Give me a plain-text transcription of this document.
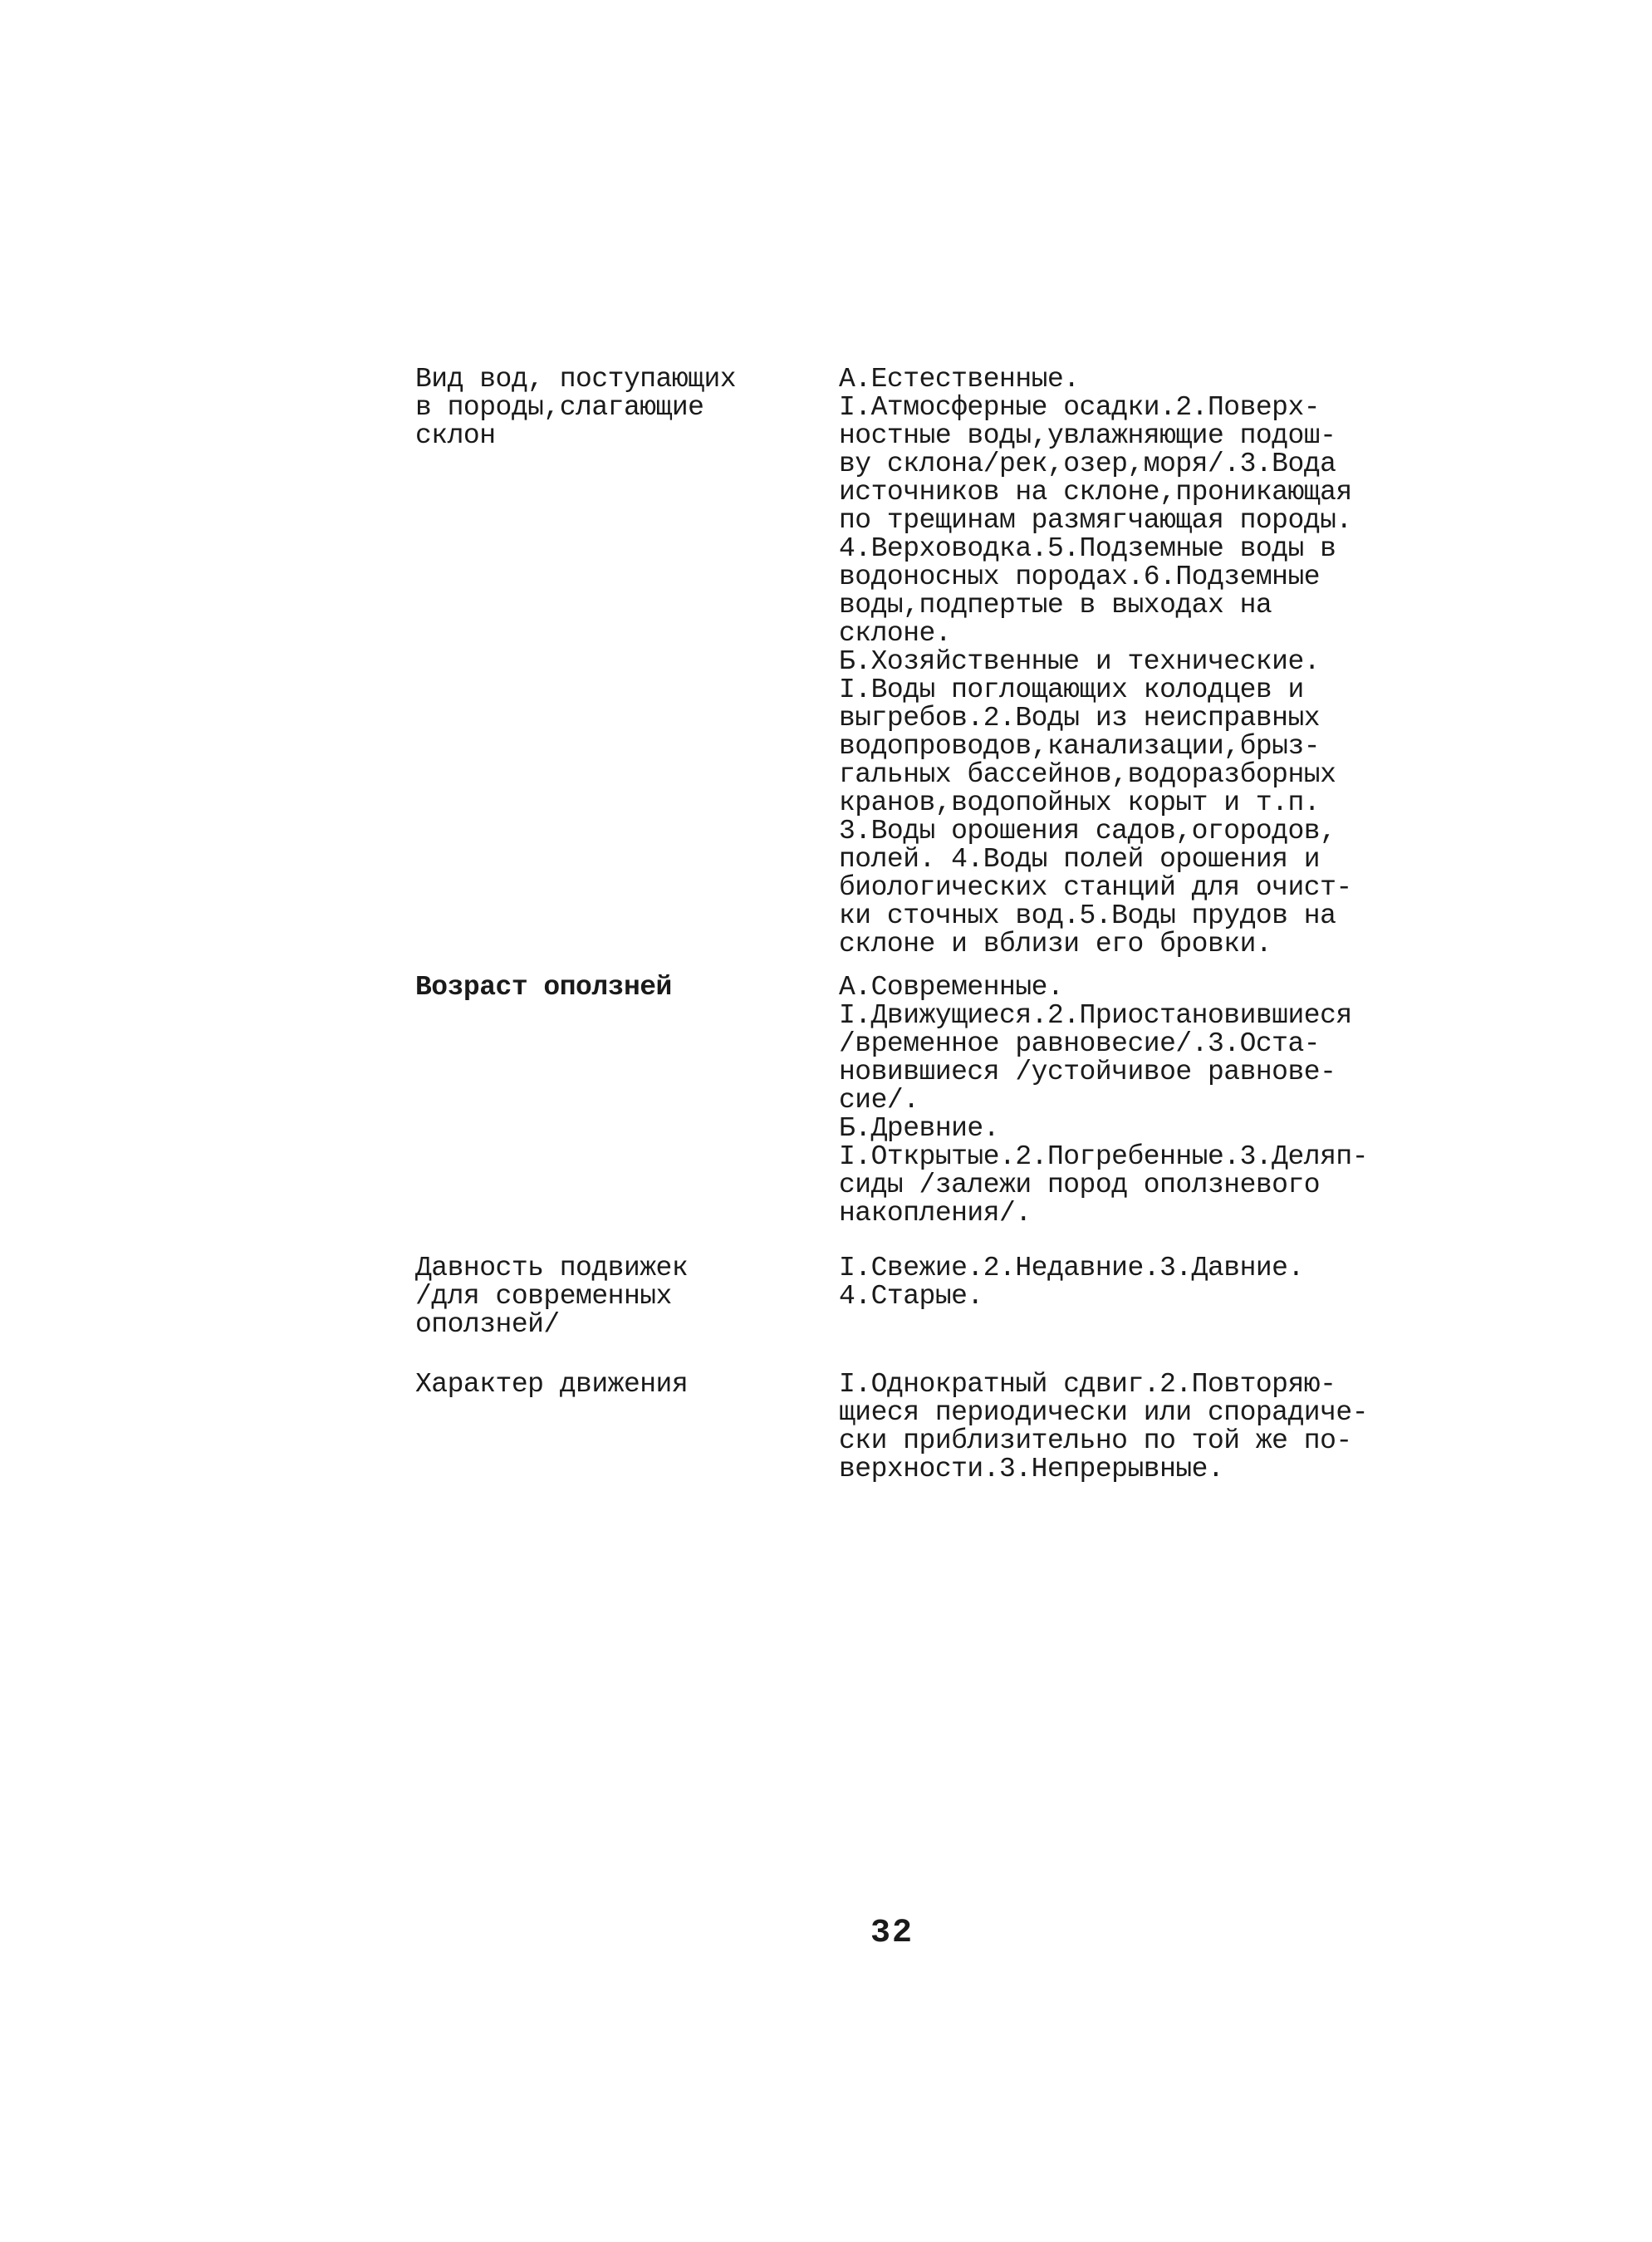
Вид вод, поступающих
в породы,слагающие
склон
А.Естественные.
I.Атмосферные осадки.2.Поверх-
ностные воды,увлажняющие подош-
ву склона/рек,озер,моря/.3.Вода
источников на склоне,проникающая
по трещинам размягчающая породы.
4.Верховодка.5.Подземные воды в
водоносных породах.6.Подземные
воды,подпертые в выходах на
склоне.
Б.Хозяйственные и технические.
I.Воды поглощающих колодцев и
выгребов.2.Воды из неисправных
водопроводов,канализации,брыз-
гальных бассейнов,водоразборных
кранов,водопойных корыт и т.п.
3.Воды орошения садов,огородов,
полей. 4.Воды полей орошения и
биологических станций для очист-
ки сточных вод.5.Воды прудов на
склоне и вблизи его бровки.
Возраст оползней	А.Современные.
I.Движущиеся.2.Приостановившиеся
/временное равновесие/.3.Оста-
новившиеся /устойчивое равнове-
сие/.
Б.Древние.
I.Открытые.2.Погребенные.3.Деляп-
сиды /залежи пород оползневого
накопления/.
Давность подвижек
/для современных
оползней/
I.Свежие.2.Недавние.3.Давние.
4.Старые.
Характер движения	I.Однократный сдвиг.2.Повторяю-
щиеся периодически или спорадиче-
ски приблизительно по той же по-
верхности.3.Непрерывные.
32
